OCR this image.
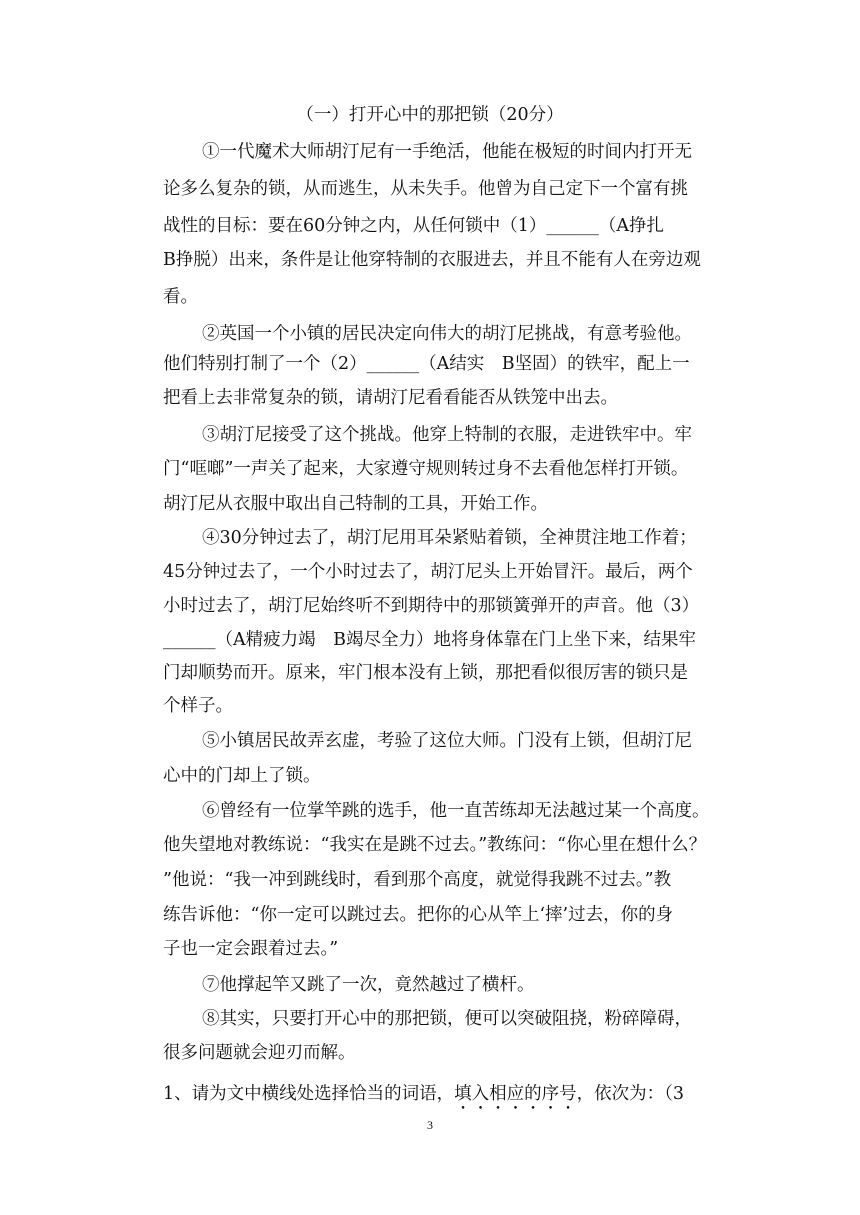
（一）打开心中的那把锁（20分）
①一代魔术大师胡汀尼有一手绝活，他能在极短的时间内打开无
论多么复杂的锁，从而逃生，从未失手。他曾为自己定下一个富有挑
战性的目标：要在60分钟之内，从任何锁中（1）______（A挣扎
B挣脱）出来，条件是让他穿特制的衣服进去，并且不能有人在旁边观
看。
②英国一个小镇的居民决定向伟大的胡汀尼挑战，有意考验他。
他们特别打制了一个（2）______（A结实　B坚固）的铁牢，配上一
把看上去非常复杂的锁，请胡汀尼看看能否从铁笼中出去。
③胡汀尼接受了这个挑战。他穿上特制的衣服，走进铁牢中。牢
门“哐啷”一声关了起来，大家遵守规则转过身不去看他怎样打开锁。
胡汀尼从衣服中取出自己特制的工具，开始工作。
④30分钟过去了，胡汀尼用耳朵紧贴着锁，全神贯注地工作着；
45分钟过去了，一个小时过去了，胡汀尼头上开始冒汗。最后，两个
小时过去了，胡汀尼始终听不到期待中的那锁簧弹开的声音。他（3）
______（A精疲力竭　B竭尽全力）地将身体靠在门上坐下来，结果牢
门却顺势而开。原来，牢门根本没有上锁，那把看似很厉害的锁只是
个样子。
⑤小镇居民故弄玄虚，考验了这位大师。门没有上锁，但胡汀尼
心中的门却上了锁。
⑥曾经有一位掌竿跳的选手，他一直苦练却无法越过某一个高度。
他失望地对教练说：“我实在是跳不过去。”教练问：“你心里在想什么？
”他说：“我一冲到跳线时，看到那个高度，就觉得我跳不过去。”教
练告诉他：“你一定可以跳过去。把你的心从竿上‘摔’过去，你的身
子也一定会跟着过去。”
⑦他撑起竿又跳了一次，竟然越过了横杆。
⑧其实，只要打开心中的那把锁，便可以突破阻挠，粉碎障碍，
很多问题就会迎刃而解。
1、请为文中横线处选择恰当的词语，填入相应的序号，依次为：（3
3
